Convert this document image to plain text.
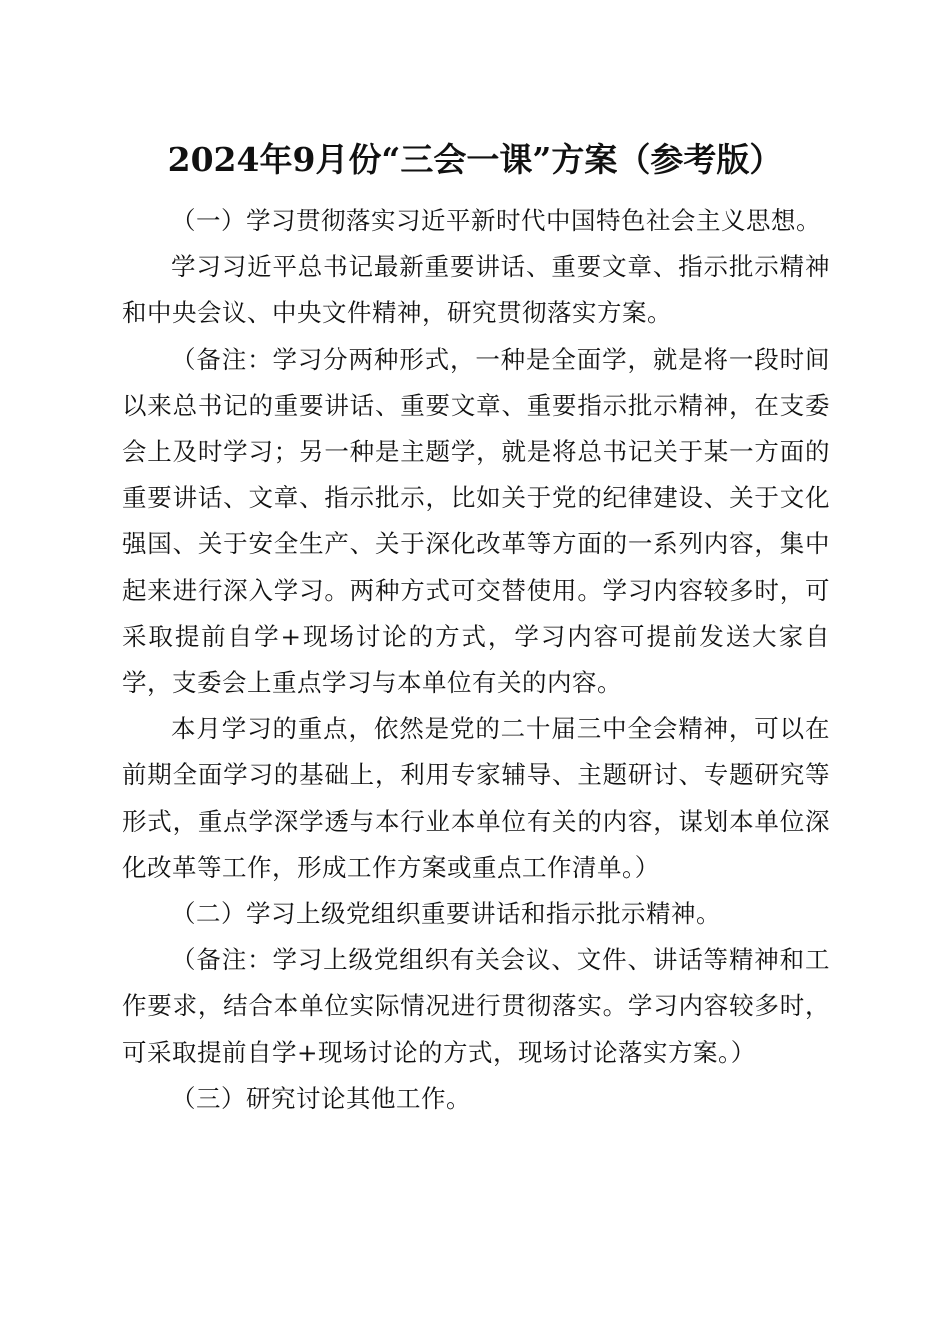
2024年9月份“三会一课”方案（参考版）

（一）学习贯彻落实习近平新时代中国特色社会主义思想。

学习习近平总书记最新重要讲话、重要文章、指示批示精神和中央会议、中央文件精神，研究贯彻落实方案。

（备注：学习分两种形式，一种是全面学，就是将一段时间以来总书记的重要讲话、重要文章、重要指示批示精神，在支委会上及时学习；另一种是主题学，就是将总书记关于某一方面的重要讲话、文章、指示批示，比如关于党的纪律建设、关于文化强国、关于安全生产、关于深化改革等方面的一系列内容，集中起来进行深入学习。两种方式可交替使用。学习内容较多时，可采取提前自学+现场讨论的方式，学习内容可提前发送大家自学，支委会上重点学习与本单位有关的内容。

本月学习的重点，依然是党的二十届三中全会精神，可以在前期全面学习的基础上，利用专家辅导、主题研讨、专题研究等形式，重点学深学透与本行业本单位有关的内容，谋划本单位深化改革等工作，形成工作方案或重点工作清单。）

（二）学习上级党组织重要讲话和指示批示精神。

（备注：学习上级党组织有关会议、文件、讲话等精神和工作要求，结合本单位实际情况进行贯彻落实。学习内容较多时，可采取提前自学+现场讨论的方式，现场讨论落实方案。）

（三）研究讨论其他工作。
